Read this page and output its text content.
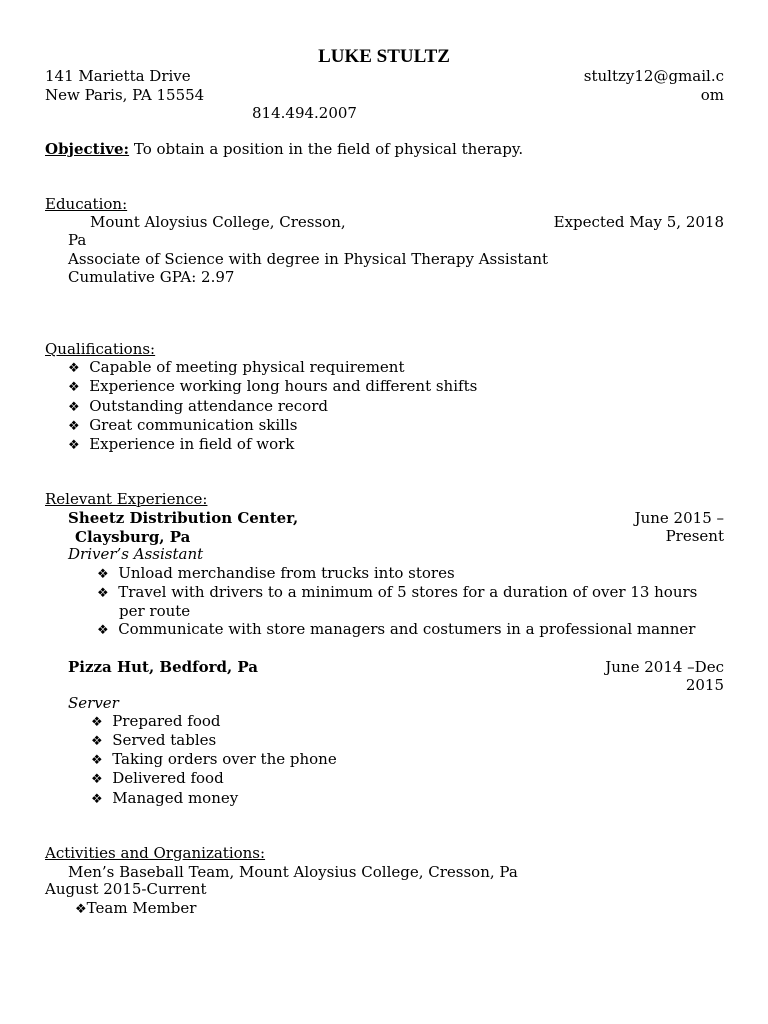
LUKE STULTZ
141 Marietta Drive
New Paris, PA 15554
stultzy12@gmail.c
om
814.494.2007
Objective: To obtain a position in the field of physical therapy.
Education:
Mount Aloysius College, Cresson,	Expected May 5, 2018
Pa
Associate of Science with degree in Physical Therapy Assistant
Cumulative GPA: 2.97
Qualifications:
❖ Capable of meeting physical requirement
❖ Experience working long hours and different shifts
❖ Outstanding attendance record
❖ Great communication skills
❖ Experience in field of work
Relevant Experience:
Sheetz Distribution Center,
Claysburg, Pa
June 2015 –
Present
Driver’s Assistant
❖ Unload merchandise from trucks into stores
❖ Travel with drivers to a minimum of 5 stores for a duration of over 13 hours
per route
❖ Communicate with store managers and costumers in a professional manner
Pizza Hut, Bedford, Pa	June 2014 –Dec
2015
Server
❖ Prepared food
❖ Served tables
❖ Taking orders over the phone
❖ Delivered food
❖ Managed money
Activities and Organizations:
Men’s Baseball Team, Mount Aloysius College, Cresson, Pa
August 2015-Current
❖Team Member
